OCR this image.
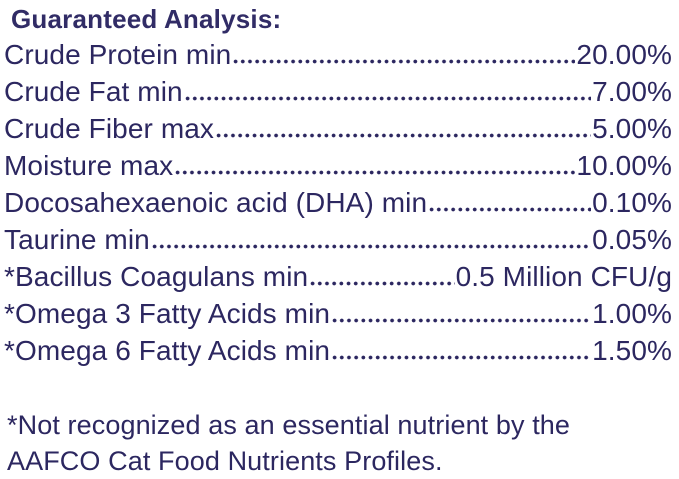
Guaranteed Analysis:
Crude Protein min	20.00%
Crude Fat min	7.00%
Crude Fiber max	5.00%
Moisture max	10.00%
Docosahexaenoic acid (DHA) min	0.10%
Taurine min	0.05%
*Bacillus Coagulans min	0.5 Million CFU/g
*Omega 3 Fatty Acids min	1.00%
*Omega 6 Fatty Acids min	1.50%

*Not recognized as an essential nutrient by the
AAFCO Cat Food Nutrients Profiles.
